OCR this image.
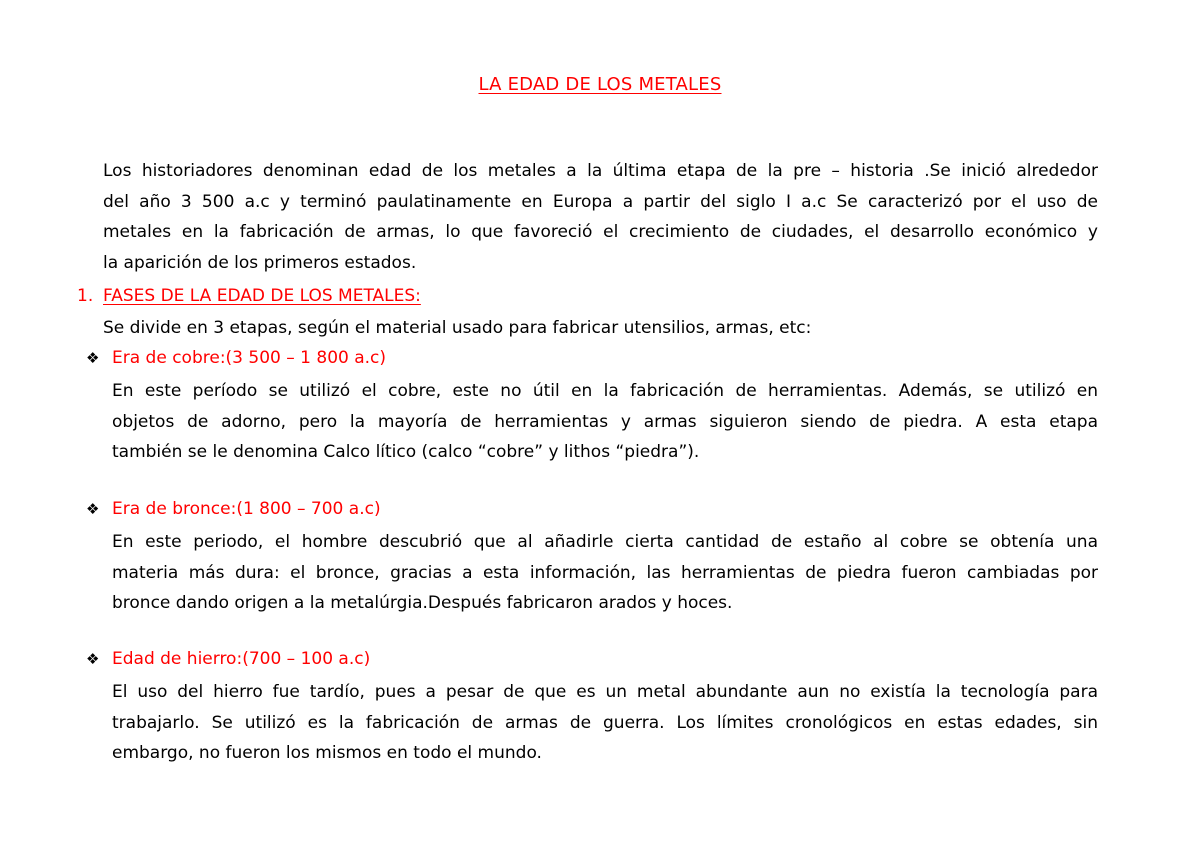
LA EDAD DE LOS METALES
Los historiadores denominan edad de los metales a la última etapa de la pre – historia .Se inició alrededor
del año 3 500 a.c y terminó paulatinamente en Europa a partir del siglo I a.c Se caracterizó por el uso de
metales en la fabricación de armas, lo que favoreció el crecimiento de ciudades, el desarrollo económico y
la aparición de los primeros estados.
1. FASES DE LA EDAD DE LOS METALES:
Se divide en 3 etapas, según el material usado para fabricar utensilios, armas, etc:
❖ Era de cobre:(3 500 – 1 800 a.c)
En este período se utilizó el cobre, este no útil en la fabricación de herramientas. Además, se utilizó en
objetos de adorno, pero la mayoría de herramientas y armas siguieron siendo de piedra. A esta etapa
también se le denomina Calco lítico (calco “cobre” y lithos “piedra”).
❖ Era de bronce:(1 800 – 700 a.c)
En este periodo, el hombre descubrió que al añadirle cierta cantidad de estaño al cobre se obtenía una
materia más dura: el bronce, gracias a esta información, las herramientas de piedra fueron cambiadas por
bronce dando origen a la metalúrgia.Después fabricaron arados y hoces.
❖ Edad de hierro:(700 – 100 a.c)
El uso del hierro fue tardío, pues a pesar de que es un metal abundante aun no existía la tecnología para
trabajarlo. Se utilizó es la fabricación de armas de guerra. Los límites cronológicos en estas edades, sin
embargo, no fueron los mismos en todo el mundo.
